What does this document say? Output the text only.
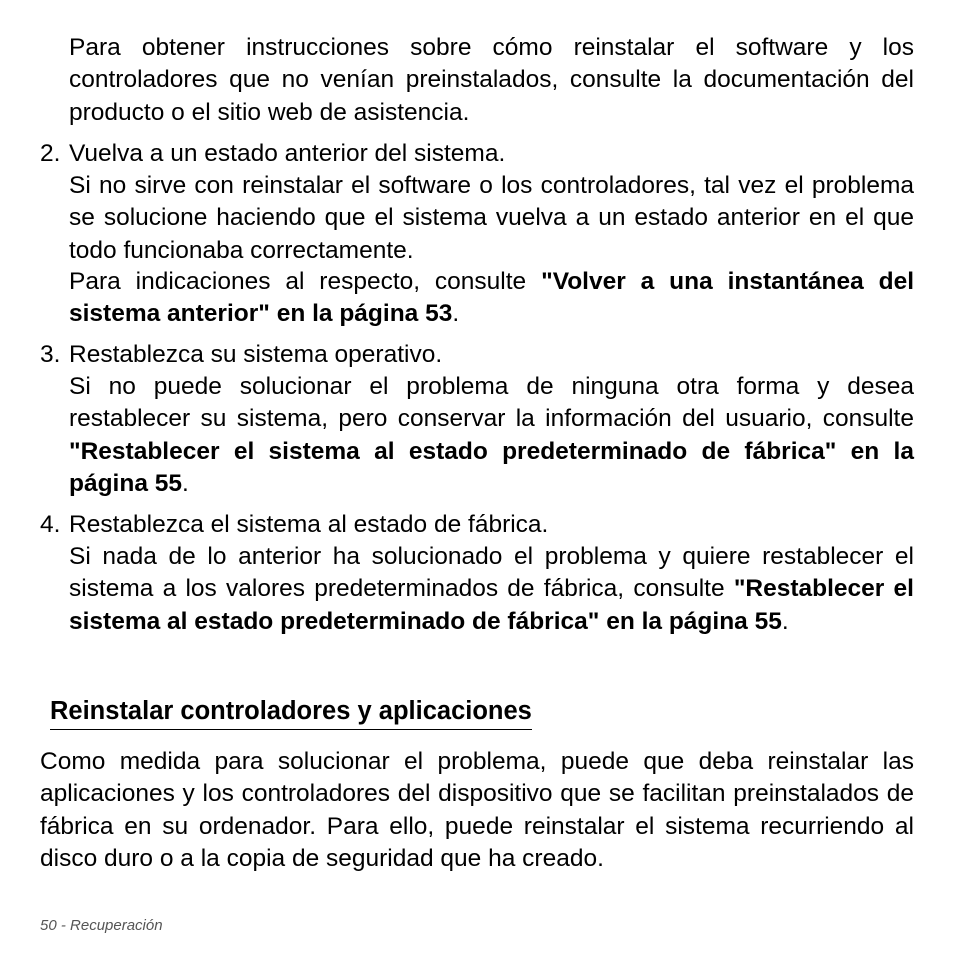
Para obtener instrucciones sobre cómo reinstalar el software y los controladores que no venían preinstalados, consulte la documentación del producto o el sitio web de asistencia.

2. Vuelva a un estado anterior del sistema.

Si no sirve con reinstalar el software o los controladores, tal vez el problema se solucione haciendo que el sistema vuelva a un estado anterior en el que todo funcionaba correctamente.

Para indicaciones al respecto, consulte "Volver a una instantánea del sistema anterior" en la página 53.

3. Restablezca su sistema operativo.

Si no puede solucionar el problema de ninguna otra forma y desea restablecer su sistema, pero conservar la información del usuario, consulte "Restablecer el sistema al estado predeterminado de fábrica" en la página 55.

4. Restablezca el sistema al estado de fábrica.

Si nada de lo anterior ha solucionado el problema y quiere restablecer el sistema a los valores predeterminados de fábrica, consulte "Restablecer el sistema al estado predeterminado de fábrica" en la página 55.

Reinstalar controladores y aplicaciones

Como medida para solucionar el problema, puede que deba reinstalar las aplicaciones y los controladores del dispositivo que se facilitan preinstalados de fábrica en su ordenador. Para ello, puede reinstalar el sistema recurriendo al disco duro o a la copia de seguridad que ha creado.

50 - Recuperación
